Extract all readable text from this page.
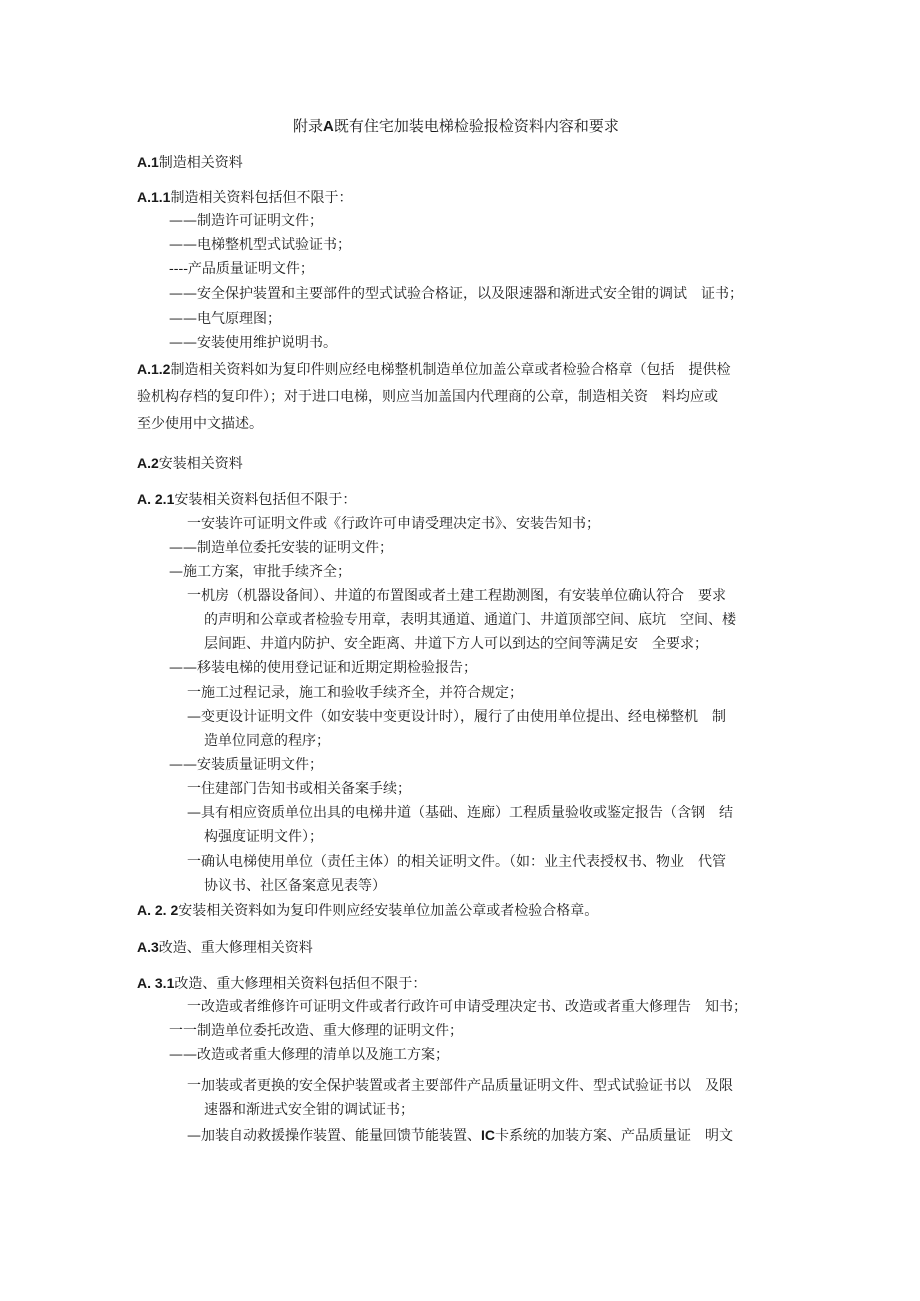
附录A既有住宅加装电梯检验报检资料内容和要求
A.1制造相关资料
A.1.1制造相关资料包括但不限于：
——制造许可证明文件；
——电梯整机型式试验证书；
----产品质量证明文件；
——安全保护装置和主要部件的型式试验合格证，以及限速器和渐进式安全钳的调试　证书；
——电气原理图；
——安装使用维护说明书。
A.1.2制造相关资料如为复印件则应经电梯整机制造单位加盖公章或者检验合格章（包括　提供检
验机构存档的复印件）；对于进口电梯，则应当加盖国内代理商的公章，制造相关资　料均应或
至少使用中文描述。
A.2安装相关资料
A. 2.1安装相关资料包括但不限于：
一安装许可证明文件或《行政许可申请受理决定书》、安装告知书；
——制造单位委托安装的证明文件；
—施工方案，审批手续齐全；
一机房（机器设备间）、井道的布置图或者土建工程勘测图，有安装单位确认符合　要求
的声明和公章或者检验专用章，表明其通道、通道门、井道顶部空间、底坑　空间、楼
层间距、井道内防护、安全距离、井道下方人可以到达的空间等满足安　全要求；
——移装电梯的使用登记证和近期定期检验报告；
一施工过程记录，施工和验收手续齐全，并符合规定；
—变更设计证明文件（如安装中变更设计时），履行了由使用单位提出、经电梯整机　制
造单位同意的程序；
——安装质量证明文件；
一住建部门告知书或相关备案手续；
—具有相应资质单位出具的电梯井道（基础、连廊）工程质量验收或鉴定报告（含钢　结
构强度证明文件）；
一确认电梯使用单位（责任主体）的相关证明文件。（如：业主代表授权书、物业　代管
协议书、社区备案意见表等）
A. 2. 2安装相关资料如为复印件则应经安装单位加盖公章或者检验合格章。
A.3改造、重大修理相关资料
A. 3.1改造、重大修理相关资料包括但不限于：
一改造或者维修许可证明文件或者行政许可申请受理决定书、改造或者重大修理告　知书；
一一制造单位委托改造、重大修理的证明文件；
——改造或者重大修理的清单以及施工方案；
一加装或者更换的安全保护装置或者主要部件产品质量证明文件、型式试验证书以　及限
速器和渐进式安全钳的调试证书；
—加装自动救援操作装置、能量回馈节能装置、IC卡系统的加装方案、产品质量证　明文
